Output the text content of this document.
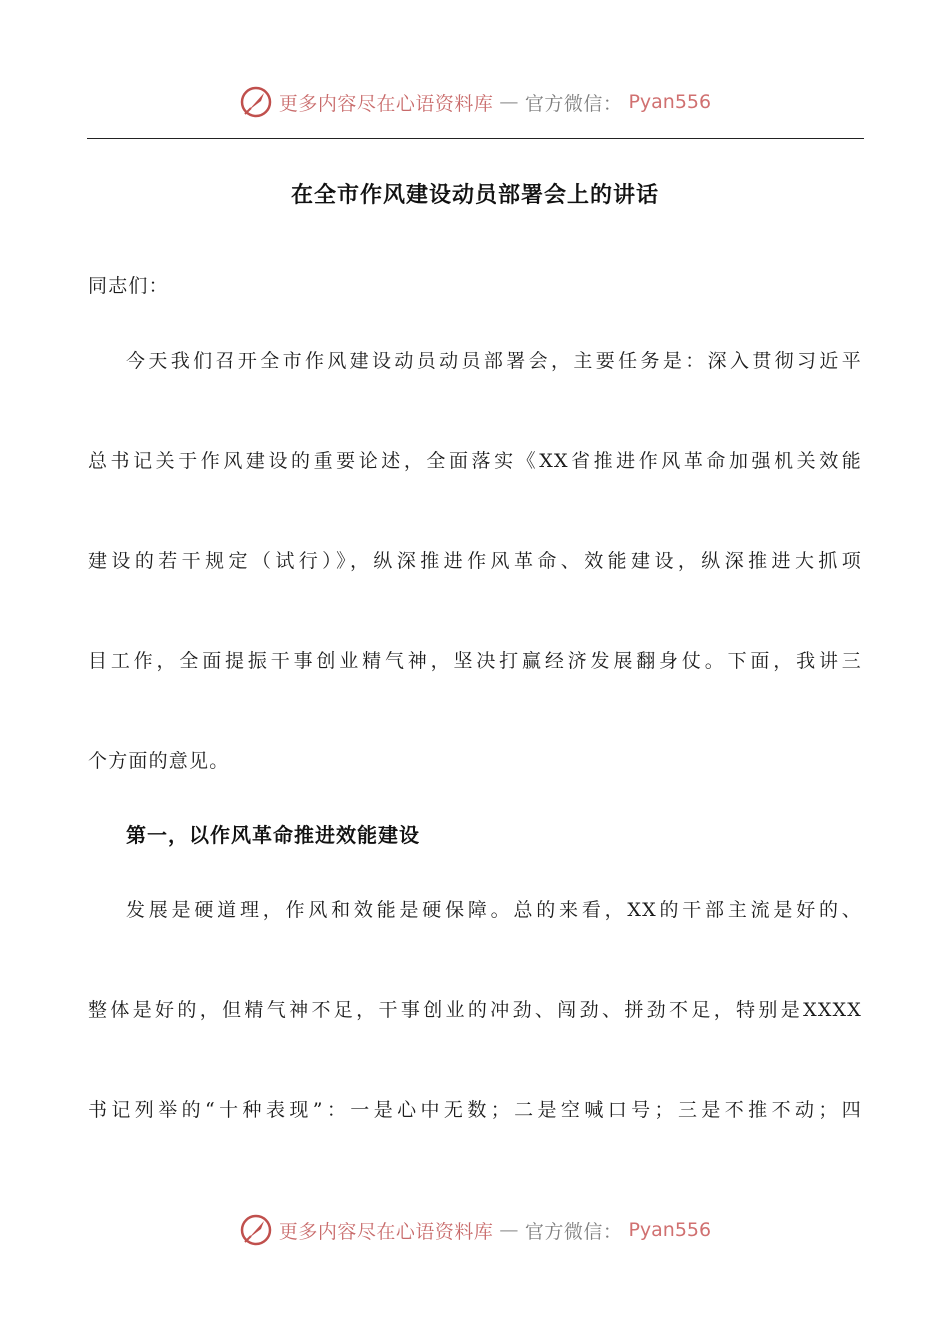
更多内容尽在心语资料库 — 官方微信： Pyan556
在全市作风建设动员部署会上的讲话
同志们：
今天我们召开全市作风建设动员动员部署会，主要任务是：深入贯彻习近平
总书记关于作风建设的重要论述，全面落实《XX省推进作风革命加强机关效能
建设的若干规定（试行）》，纵深推进作风革命、效能建设，纵深推进大抓项
目工作，全面提振干事创业精气神，坚决打赢经济发展翻身仗。下面，我讲三
个方面的意见。
第一，以作风革命推进效能建设
发展是硬道理，作风和效能是硬保障。总的来看，XX的干部主流是好的、
整体是好的，但精气神不足，干事创业的冲劲、闯劲、拼劲不足，特别是XXXX
书记列举的“十种表现”：一是心中无数；二是空喊口号；三是不推不动；四
更多内容尽在心语资料库 — 官方微信： Pyan556
